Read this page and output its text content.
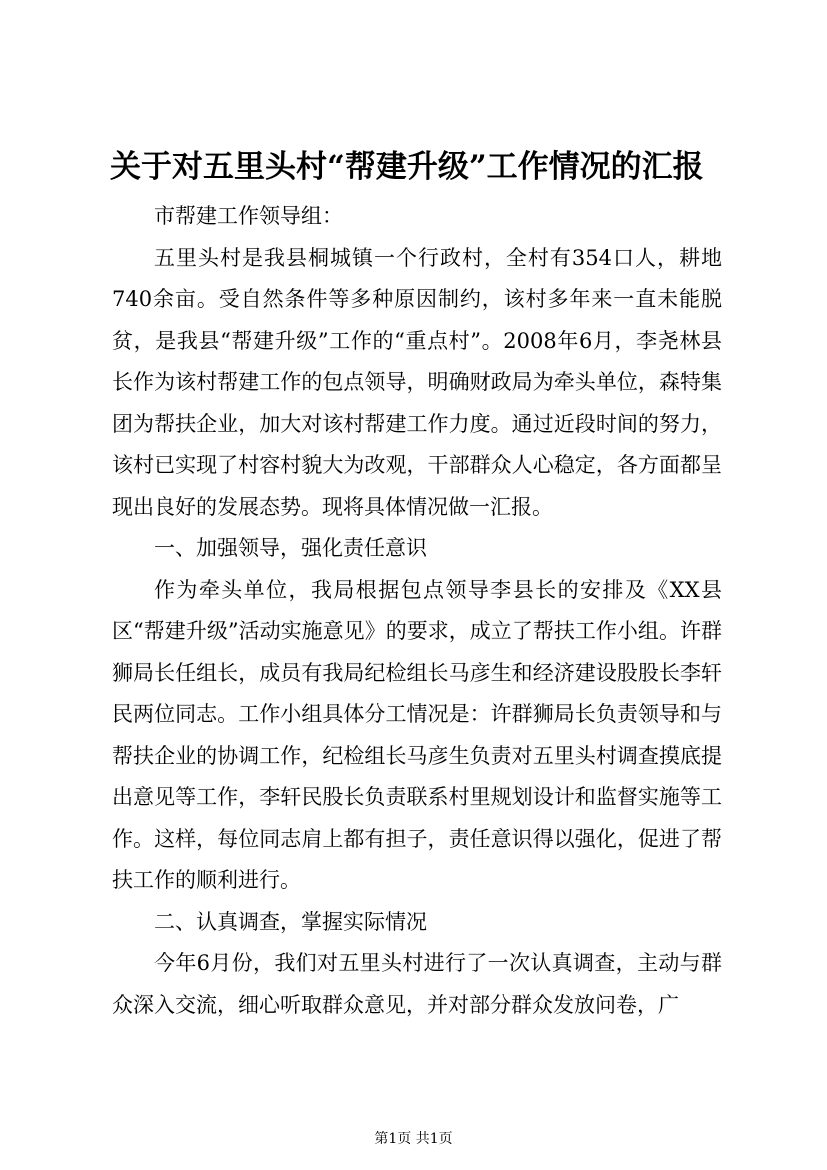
关于对五里头村“帮建升级”工作情况的汇报

市帮建工作领导组：

五里头村是我县桐城镇一个行政村，全村有354口人，耕地740余亩。受自然条件等多种原因制约，该村多年来一直未能脱贫，是我县“帮建升级”工作的“重点村”。2008年6月，李尧林县长作为该村帮建工作的包点领导，明确财政局为牵头单位，森特集团为帮扶企业，加大对该村帮建工作力度。通过近段时间的努力，该村已实现了村容村貌大为改观，干部群众人心稳定，各方面都呈现出良好的发展态势。现将具体情况做一汇报。

一、加强领导，强化责任意识

作为牵头单位，我局根据包点领导李县长的安排及《XX县区“帮建升级”活动实施意见》的要求，成立了帮扶工作小组。许群狮局长任组长，成员有我局纪检组长马彦生和经济建设股股长李轩民两位同志。工作小组具体分工情况是：许群狮局长负责领导和与帮扶企业的协调工作，纪检组长马彦生负责对五里头村调查摸底提出意见等工作，李轩民股长负责联系村里规划设计和监督实施等工作。这样，每位同志肩上都有担子，责任意识得以强化，促进了帮扶工作的顺利进行。

二、认真调查，掌握实际情况

今年6月份，我们对五里头村进行了一次认真调查，主动与群众深入交流，细心听取群众意见，并对部分群众发放问卷，广

第1页 共1页
